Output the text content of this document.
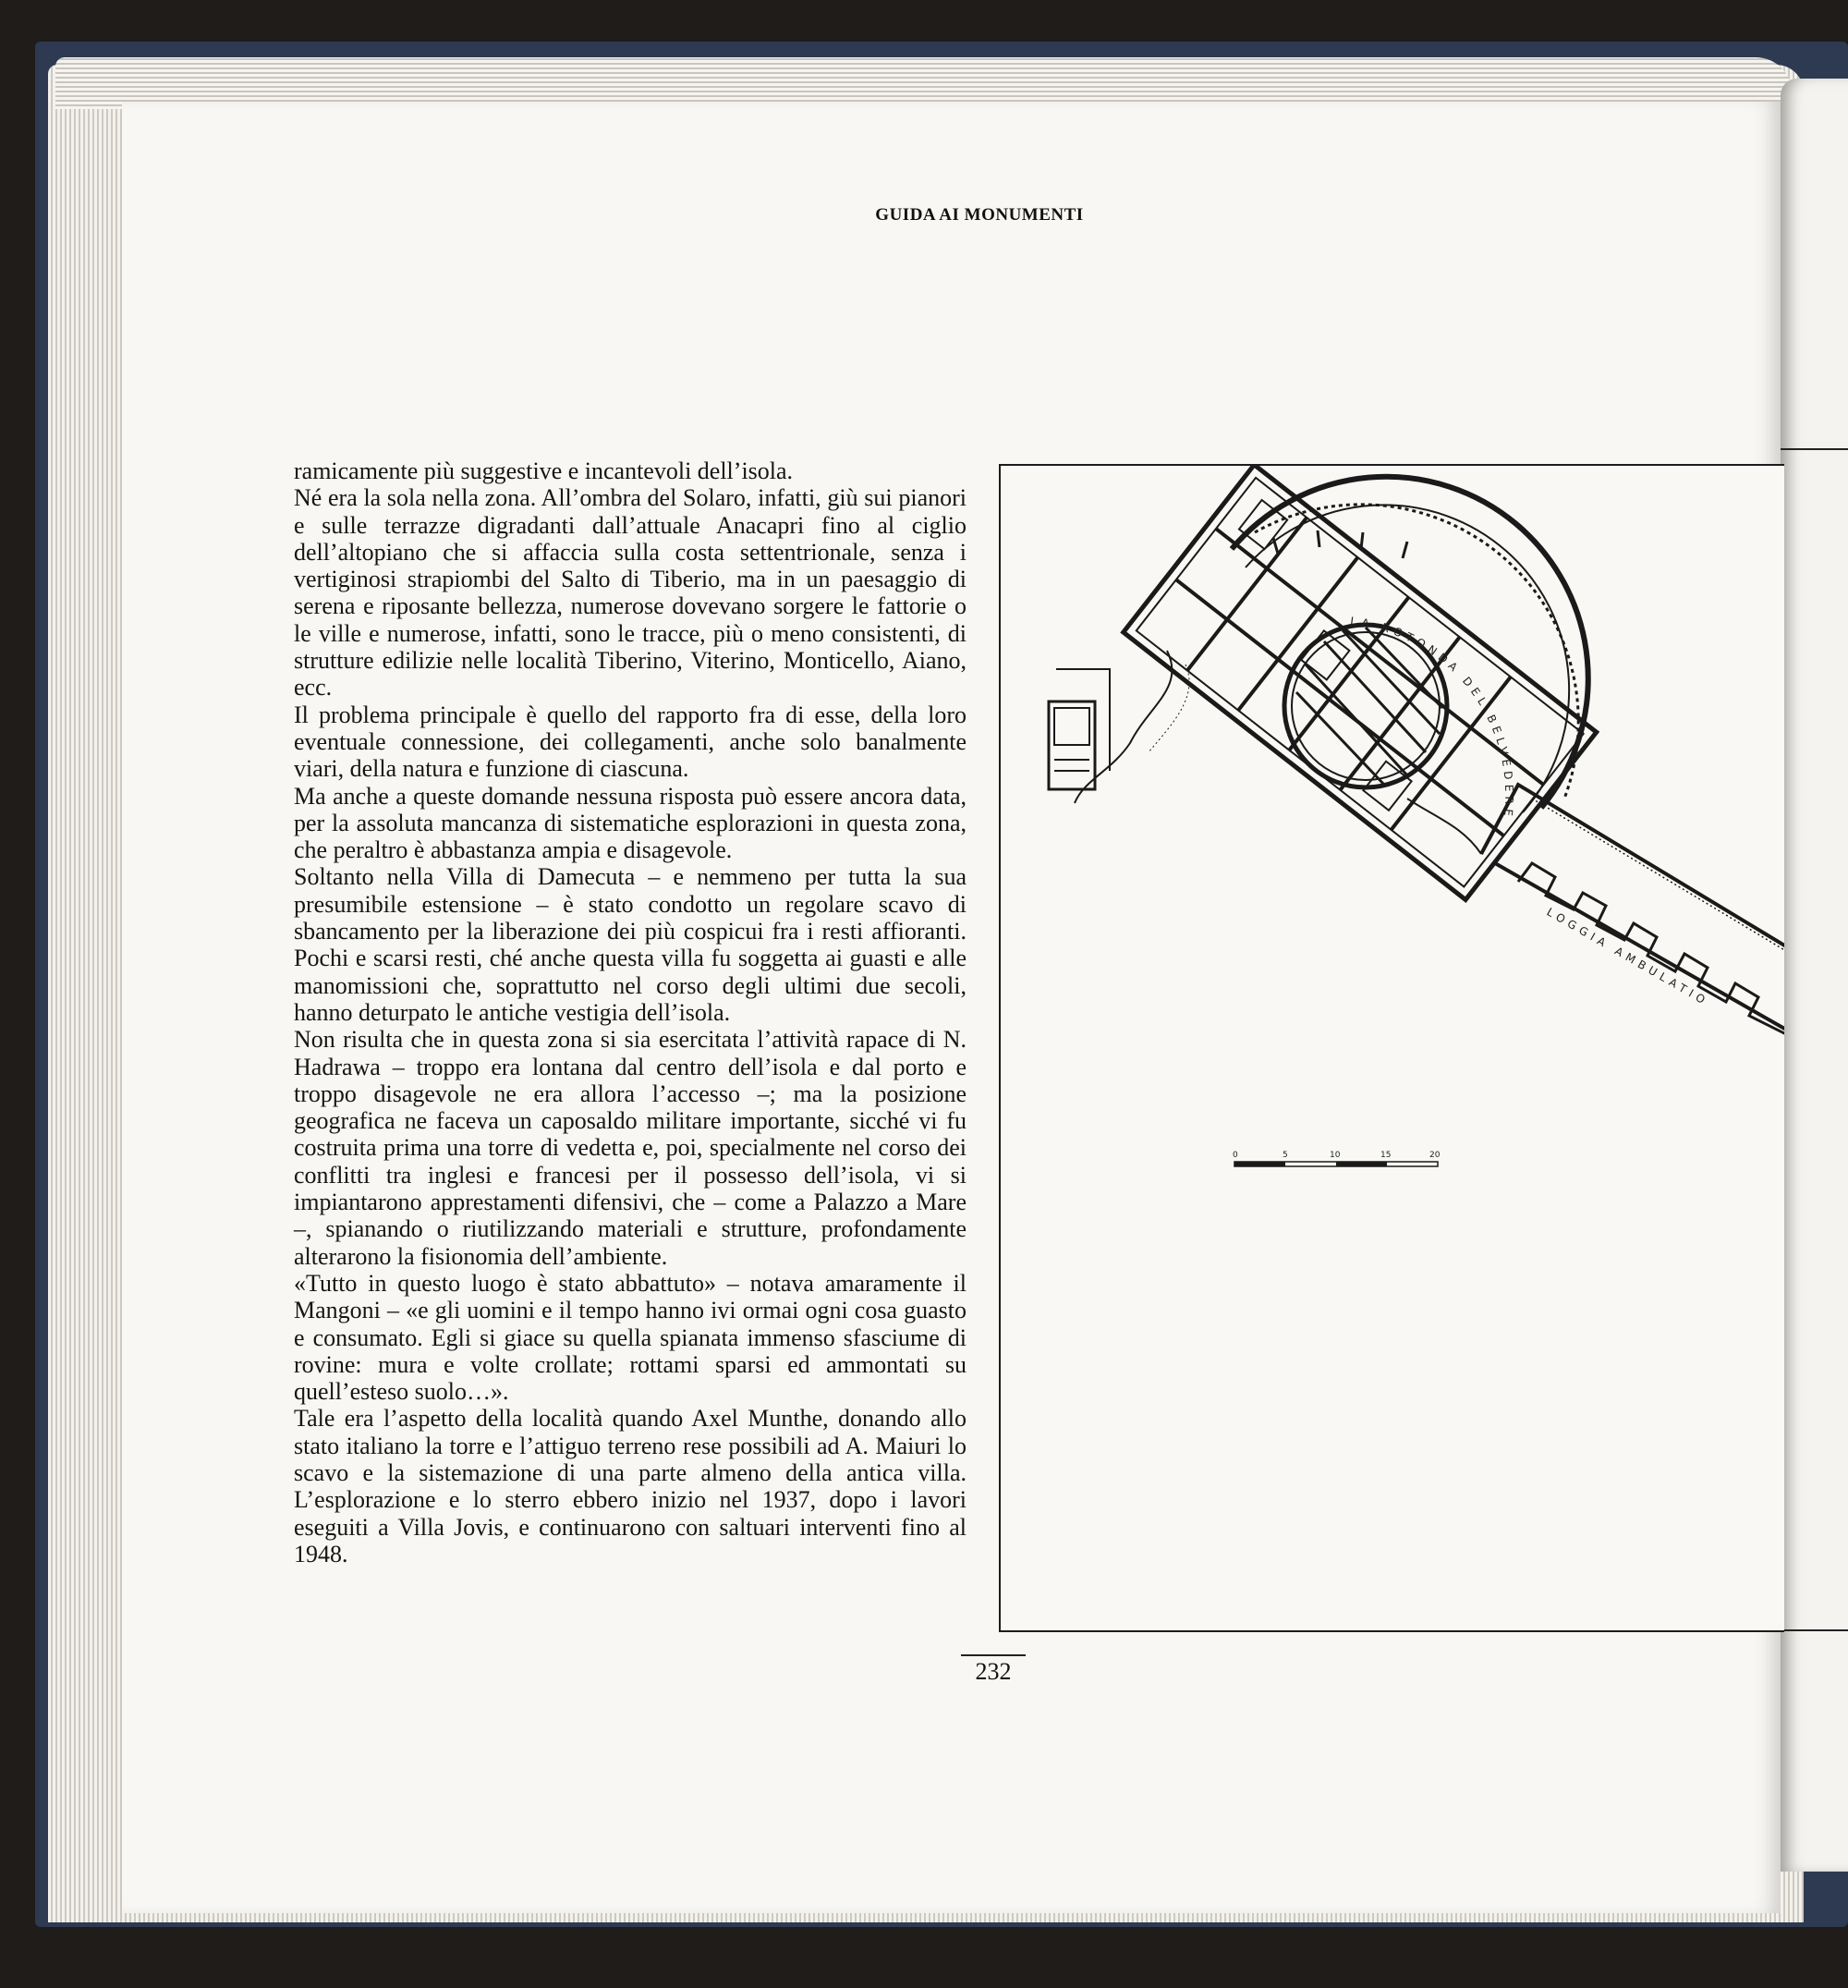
GUIDA AI MONUMENTI

ramicamente più suggestive e incantevoli dell’isola.

Né era la sola nella zona. All’ombra del Solaro, infatti, giù sui pianori e sulle terrazze digradanti dall’attuale Anacapri fino al ciglio dell’altopiano che si affaccia sulla costa settentrionale, senza i vertiginosi strapiombi del Salto di Tiberio, ma in un paesaggio di serena e riposante bellezza, numerose dovevano sorgere le fattorie o le ville e numerose, infatti, sono le tracce, più o meno consistenti, di strutture edilizie nelle località Tiberino, Viterino, Monticello, Aiano, ecc.

Il problema principale è quello del rapporto fra di esse, della loro eventuale connessione, dei collegamenti, anche solo banalmente viari, della natura e funzione di ciascuna.

Ma anche a queste domande nessuna risposta può essere ancora data, per la assoluta mancanza di sistematiche esplorazioni in questa zona, che peraltro è abbastanza ampia e disagevole.

Soltanto nella Villa di Damecuta – e nemmeno per tutta la sua presumibile estensione – è stato condotto un regolare scavo di sbancamento per la liberazione dei più cospicui fra i resti affioranti. Pochi e scarsi resti, ché anche questa villa fu soggetta ai guasti e alle manomissioni che, soprattutto nel corso degli ultimi due secoli, hanno deturpato le antiche vestigia dell’isola.

Non risulta che in questa zona si sia esercitata l’attività rapace di N. Hadrawa – troppo era lontana dal centro dell’isola e dal porto e troppo disagevole ne era allora l’accesso –; ma la posizione geografica ne faceva un caposaldo militare importante, sicché vi fu costruita prima una torre di vedetta e, poi, specialmente nel corso dei conflitti tra inglesi e francesi per il possesso dell’isola, vi si impiantarono apprestamenti difensivi, che – come a Palazzo a Mare –, spianando o riutilizzando materiali e strutture, profondamente alterarono la fisionomia dell’ambiente.

«Tutto in questo luogo è stato abbattuto» – notava amaramente il Mangoni – «e gli uomini e il tempo hanno ivi ormai ogni cosa guasto e consumato. Egli si giace su quella spianata immenso sfasciume di rovine: mura e volte crollate; rottami sparsi ed ammontati su quell’esteso suolo…».

Tale era l’aspetto della località quando Axel Munthe, donando allo stato italiano la torre e l’attiguo terreno rese possibili ad A. Maiuri lo scavo e la sistemazione di una parte almeno della antica villa. L’esplorazione e lo sterro ebbero inizio nel 1937, dopo i lavori eseguiti a Villa Jovis, e continuarono con saltuari interventi fino al 1948.

LA ROTONDA DEL BELVEDERE
LOGGIA AMBULATIO
0	5	10	15	20
232
